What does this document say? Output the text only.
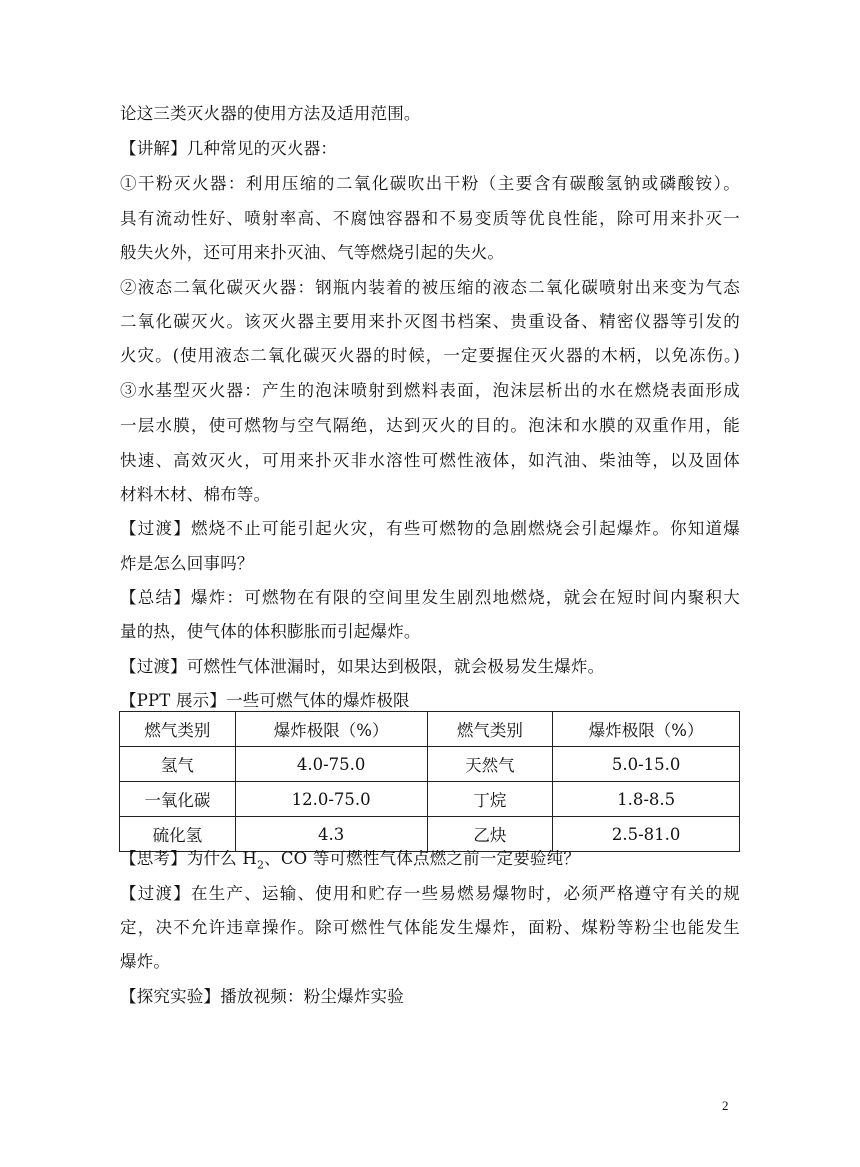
论这三类灭火器的使用方法及适用范围。
【讲解】几种常见的灭火器：
①干粉灭火器：利用压缩的二氧化碳吹出干粉（主要含有碳酸氢钠或磷酸铵）。
具有流动性好、喷射率高、不腐蚀容器和不易变质等优良性能，除可用来扑灭一
般失火外，还可用来扑灭油、气等燃烧引起的失火。
②液态二氧化碳灭火器：钢瓶内装着的被压缩的液态二氧化碳喷射出来变为气态
二氧化碳灭火。该灭火器主要用来扑灭图书档案、贵重设备、精密仪器等引发的
火灾。(使用液态二氧化碳灭火器的时候，一定要握住灭火器的木柄，以免冻伤。)
③水基型灭火器：产生的泡沫喷射到燃料表面，泡沫层析出的水在燃烧表面形成
一层水膜，使可燃物与空气隔绝，达到灭火的目的。泡沫和水膜的双重作用，能
快速、高效灭火，可用来扑灭非水溶性可燃性液体，如汽油、柴油等，以及固体
材料木材、棉布等。
【过渡】燃烧不止可能引起火灾，有些可燃物的急剧燃烧会引起爆炸。你知道爆
炸是怎么回事吗？
【总结】爆炸：可燃物在有限的空间里发生剧烈地燃烧，就会在短时间内聚积大
量的热，使气体的体积膨胀而引起爆炸。
【过渡】可燃性气体泄漏时，如果达到极限，就会极易发生爆炸。
【PPT 展示】一些可燃气体的爆炸极限
燃气类别	爆炸极限（%）	燃气类别	爆炸极限（%）
氢气	4.0-75.0	天然气	5.0-15.0
一氧化碳	12.0-75.0	丁烷	1.8-8.5
硫化氢	4.3	乙炔	2.5-81.0
【思考】为什么 $H_2$、CO 等可燃性气体点燃之前一定要验纯？
【过渡】在生产、运输、使用和贮存一些易燃易爆物时，必须严格遵守有关的规
定，决不允许违章操作。除可燃性气体能发生爆炸，面粉、煤粉等粉尘也能发生
爆炸。
【探究实验】播放视频：粉尘爆炸实验
2
